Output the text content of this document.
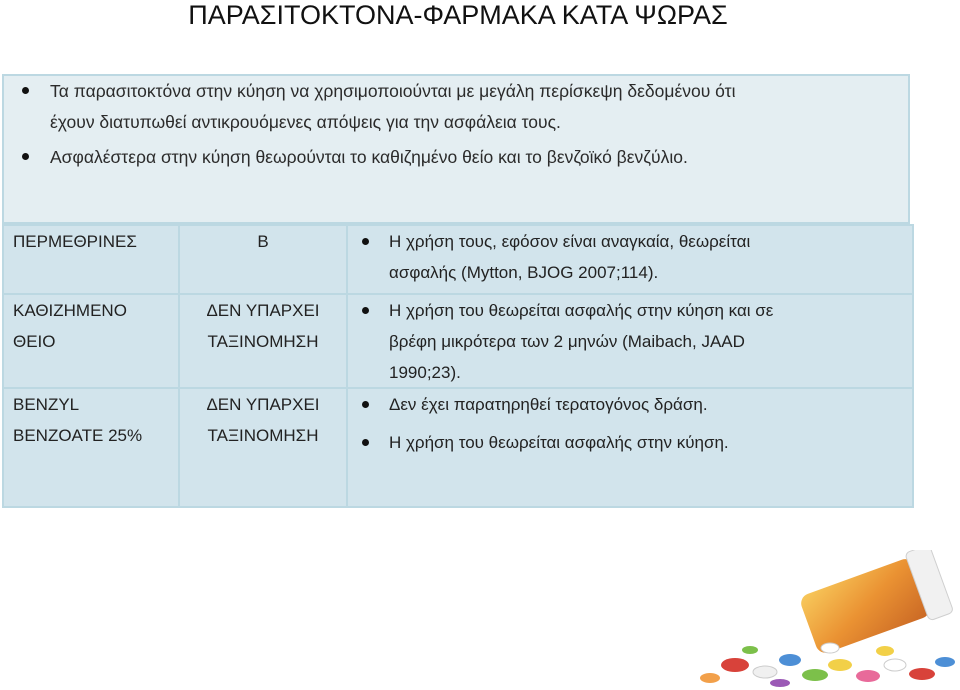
ΠΑΡΑΣΙΤΟΚΤΟΝΑ-ΦΑΡΜΑΚΑ ΚΑΤΑ ΨΩΡΑΣ
Τα παρασιτοκτόνα στην κύηση να χρησιμοποιούνται με μεγάλη περίσκεψη δεδομένου ότι
έχουν διατυπωθεί αντικρουόμενες απόψεις για την ασφάλεια τους.
Ασφαλέστερα στην κύηση θεωρούνται το καθιζημένο θείο και το βενζοϊκό βενζύλιο.
ΠΕΡΜΕΘΡΙΝΕΣ	B	Η χρήση τους, εφόσον είναι αναγκαία, θεωρείται
ασφαλής (Mytton, BJOG 2007;114).
ΚΑΘΙΖΗΜΕΝΟ
ΘΕΙΟ
ΔΕΝ ΥΠΑΡΧΕΙ
ΤΑΞΙΝΟΜΗΣΗ
Η χρήση του θεωρείται ασφαλής στην κύηση και σε
βρέφη μικρότερα των 2 μηνών (Maibach, JAAD
1990;23).
BENZYL
BENZOATE 25%
ΔΕΝ ΥΠΑΡΧΕΙ
ΤΑΞΙΝΟΜΗΣΗ
Δεν έχει παρατηρηθεί τερατογόνος δράση.
Η χρήση του θεωρείται ασφαλής στην κύηση.
